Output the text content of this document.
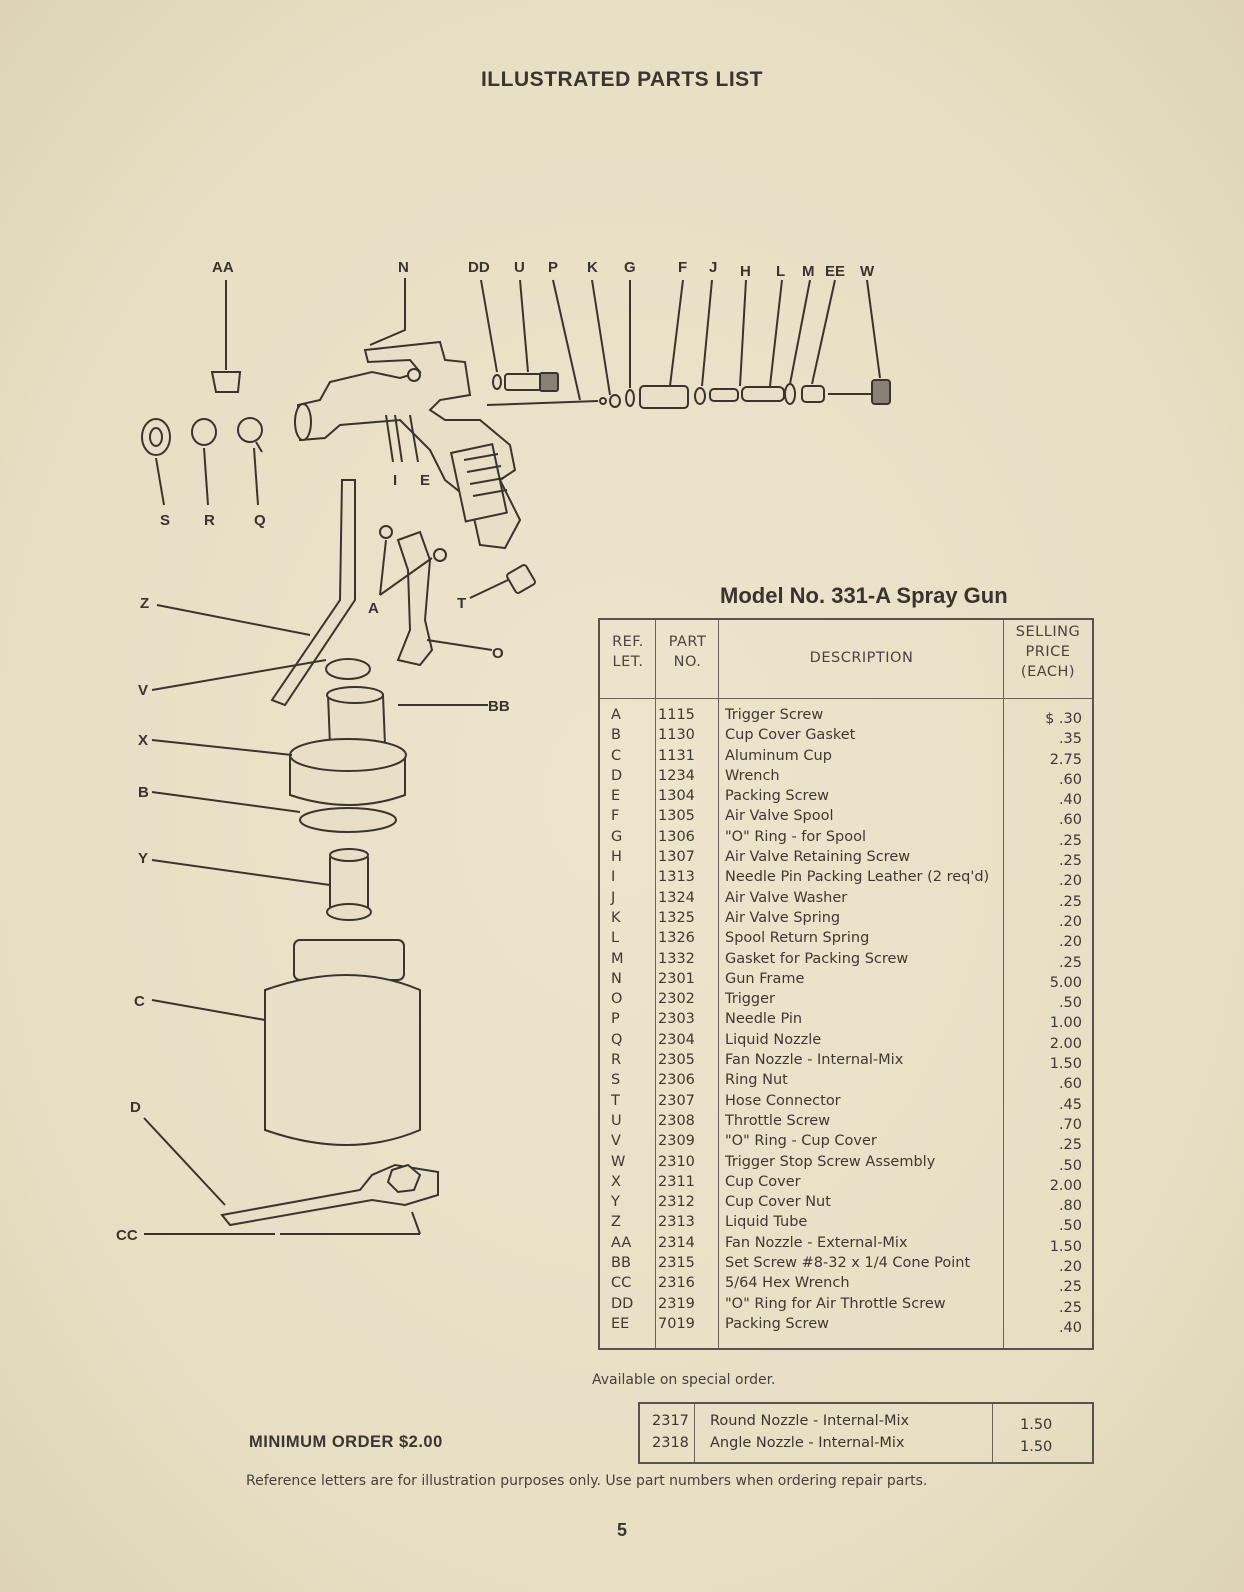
ILLUSTRATED PARTS LIST
AA	N	DD U P K G	F J H L M EE W
S R	Q
I E
T
A
Z
V
O
BB
X
B
Y
C
D
CC
Model No. 331-A Spray Gun
REF. LET.
PART NO.	DESCRIPTION
SELLING PRICE (EACH)
A	1115 Trigger Screw	$ .30
B	1130 Cup Cover Gasket	.35
C	1131 Aluminum Cup	2.75
D 1234 Wrench	.60
E	1304 Packing Screw	.40
F	1305 Air Valve Spool	.60
G 1306 "O" Ring - for Spool	.25
H 1307 Air Valve Retaining Screw	.25
I	1313 Needle Pin Packing Leather (2 req'd)	.20
J	1324 Air Valve Washer	.25
K	1325 Air Valve Spring	.20
L	1326 Spool Return Spring	.20
M 1332 Gasket for Packing Screw	.25
N 2301 Gun Frame	5.00
O 2302 Trigger	.50
P	2303 Needle Pin	1.00
Q 2304 Liquid Nozzle	2.00
R	2305 Fan Nozzle - Internal-Mix	1.50
S	2306 Ring Nut	.60
T	2307 Hose Connector	.45
U	2308 Throttle Screw	.70
V	2309 "O" Ring - Cup Cover	.25
W 2310 Trigger Stop Screw Assembly	.50
X	2311 Cup Cover	2.00
Y	2312 Cup Cover Nut	.80
Z	2313 Liquid Tube	.50
AA 2314 Fan Nozzle - External-Mix	1.50
BB 2315 Set Screw #8-32 x 1/4 Cone Point	.20
CC 2316 5/64 Hex Wrench	.25
DD 2319 "O" Ring for Air Throttle Screw	.25
EE 7019 Packing Screw	.40
Available on special order.
2317 Round Nozzle - Internal-Mix	1.50
2318 Angle Nozzle - Internal-Mix	1.50
MINIMUM ORDER $2.00
Reference letters are for illustration purposes only. Use part numbers when ordering repair parts.
5
